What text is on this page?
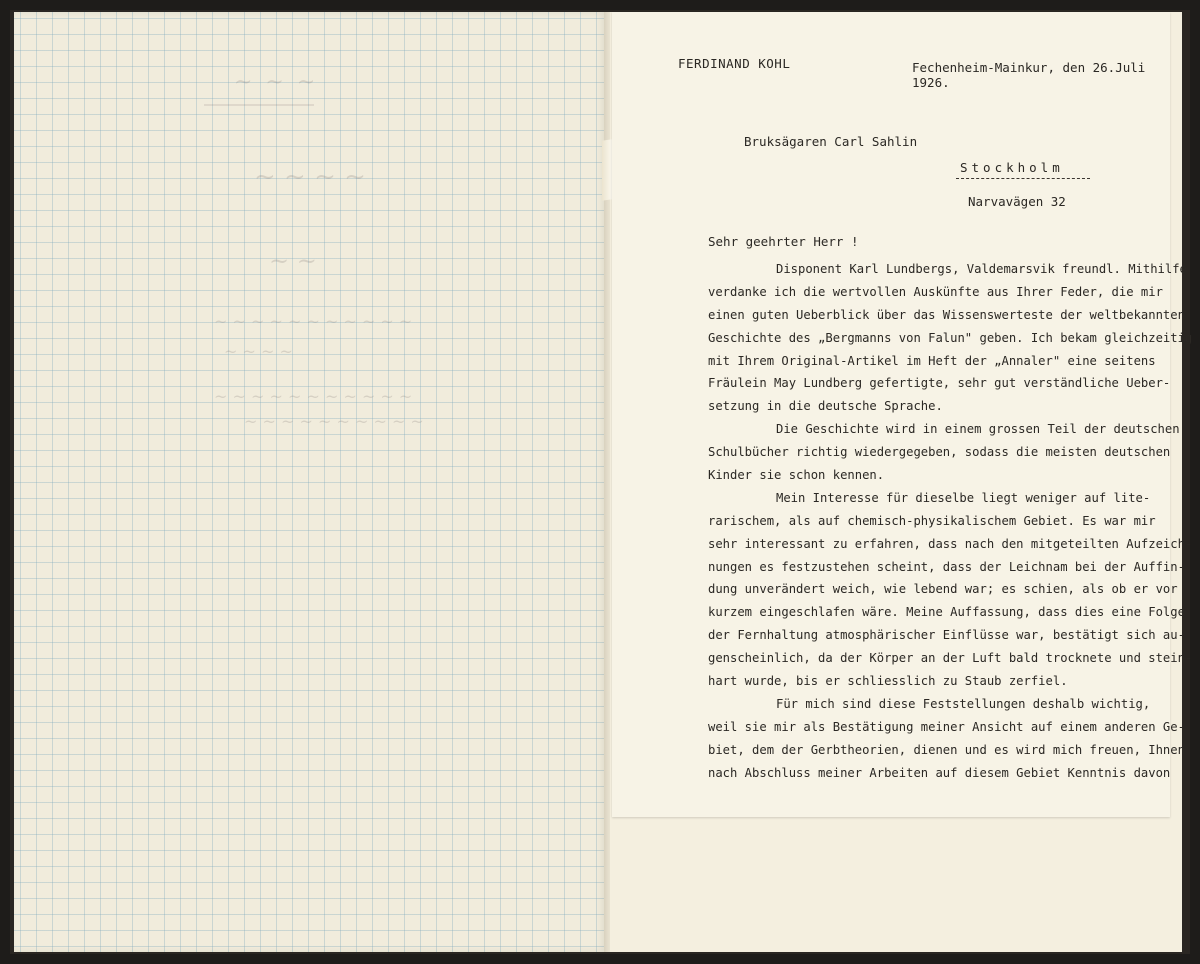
~ ~ ~
~ ~ ~ ~
~ ~
~ ~ ~ ~ ~ ~ ~ ~ ~ ~ ~
~ ~ ~ ~
~ ~ ~ ~ ~ ~ ~ ~ ~ ~ ~
~ ~ ~ ~ ~ ~ ~ ~ ~ ~
FERDINAND KOHL	Fechenheim-Mainkur, den 26.Juli 1926.
Bruksägaren Carl Sahlin
Stockholm
Narvavägen 32
Sehr geehrter Herr !
Disponent Karl Lundbergs, Valdemarsvik freundl. Mithilfe
verdanke ich die wertvollen Auskünfte aus Ihrer Feder, die mir
einen guten Ueberblick über das Wissenswerteste der weltbekannten
Geschichte des „Bergmanns von Falun" geben. Ich bekam gleichzeitig
mit Ihrem Original-Artikel im Heft der „Annaler" eine seitens
Fräulein May Lundberg gefertigte, sehr gut verständliche Ueber-
setzung in die deutsche Sprache.
Die Geschichte wird in einem grossen Teil der deutschen
Schulbücher richtig wiedergegeben, sodass die meisten deutschen
Kinder sie schon kennen.
Mein Interesse für dieselbe liegt weniger auf lite-
rarischem, als auf chemisch-physikalischem Gebiet. Es war mir
sehr interessant zu erfahren, dass nach den mitgeteilten Aufzeich-
nungen es festzustehen scheint, dass der Leichnam bei der Auffin-
dung unverändert weich, wie lebend war; es schien, als ob er vor
kurzem eingeschlafen wäre. Meine Auffassung, dass dies eine Folge
der Fernhaltung atmosphärischer Einflüsse war, bestätigt sich au-
genscheinlich, da der Körper an der Luft bald trocknete und stein-
hart wurde, bis er schliesslich zu Staub zerfiel.
Für mich sind diese Feststellungen deshalb wichtig,
weil sie mir als Bestätigung meiner Ansicht auf einem anderen Ge-
biet, dem der Gerbtheorien, dienen und es wird mich freuen, Ihnen
nach Abschluss meiner Arbeiten auf diesem Gebiet Kenntnis davon
